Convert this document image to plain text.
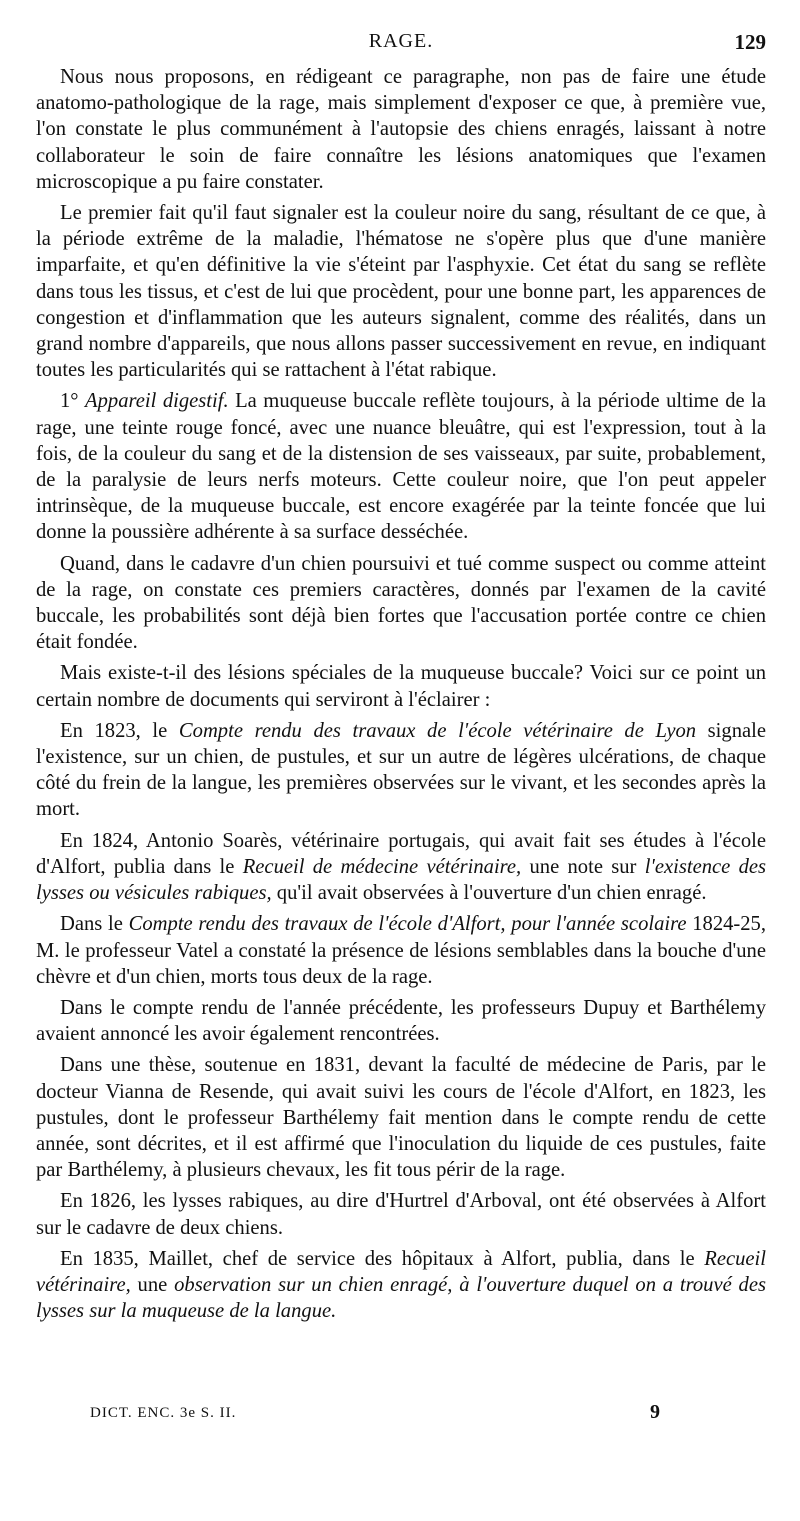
RAGE.	129

Nous nous proposons, en rédigeant ce paragraphe, non pas de faire une étude anatomo-pathologique de la rage, mais simplement d'exposer ce que, à première vue, l'on constate le plus communément à l'autopsie des chiens enragés, laissant à notre collaborateur le soin de faire connaître les lésions anatomiques que l'examen microscopique a pu faire constater.

Le premier fait qu'il faut signaler est la couleur noire du sang, résultant de ce que, à la période extrême de la maladie, l'hématose ne s'opère plus que d'une manière imparfaite, et qu'en définitive la vie s'éteint par l'asphyxie. Cet état du sang se reflète dans tous les tissus, et c'est de lui que procèdent, pour une bonne part, les apparences de congestion et d'inflammation que les auteurs signalent, comme des réalités, dans un grand nombre d'appareils, que nous allons passer successivement en revue, en indiquant toutes les particularités qui se rattachent à l'état rabique.

1° Appareil digestif. La muqueuse buccale reflète toujours, à la période ultime de la rage, une teinte rouge foncé, avec une nuance bleuâtre, qui est l'expression, tout à la fois, de la couleur du sang et de la distension de ses vaisseaux, par suite, probablement, de la paralysie de leurs nerfs moteurs. Cette couleur noire, que l'on peut appeler intrinsèque, de la muqueuse buccale, est encore exagérée par la teinte foncée que lui donne la poussière adhérente à sa surface desséchée.

Quand, dans le cadavre d'un chien poursuivi et tué comme suspect ou comme atteint de la rage, on constate ces premiers caractères, donnés par l'examen de la cavité buccale, les probabilités sont déjà bien fortes que l'accusation portée contre ce chien était fondée.

Mais existe-t-il des lésions spéciales de la muqueuse buccale? Voici sur ce point un certain nombre de documents qui serviront à l'éclairer :

En 1823, le Compte rendu des travaux de l'école vétérinaire de Lyon signale l'existence, sur un chien, de pustules, et sur un autre de légères ulcérations, de chaque côté du frein de la langue, les premières observées sur le vivant, et les secondes après la mort.

En 1824, Antonio Soarès, vétérinaire portugais, qui avait fait ses études à l'école d'Alfort, publia dans le Recueil de médecine vétérinaire, une note sur l'existence des lysses ou vésicules rabiques, qu'il avait observées à l'ouverture d'un chien enragé.

Dans le Compte rendu des travaux de l'école d'Alfort, pour l'année scolaire 1824-25, M. le professeur Vatel a constaté la présence de lésions semblables dans la bouche d'une chèvre et d'un chien, morts tous deux de la rage.

Dans le compte rendu de l'année précédente, les professeurs Dupuy et Barthélemy avaient annoncé les avoir également rencontrées.

Dans une thèse, soutenue en 1831, devant la faculté de médecine de Paris, par le docteur Vianna de Resende, qui avait suivi les cours de l'école d'Alfort, en 1823, les pustules, dont le professeur Barthélemy fait mention dans le compte rendu de cette année, sont décrites, et il est affirmé que l'inoculation du liquide de ces pustules, faite par Barthélemy, à plusieurs chevaux, les fit tous périr de la rage.

En 1826, les lysses rabiques, au dire d'Hurtrel d'Arboval, ont été observées à Alfort sur le cadavre de deux chiens.

En 1835, Maillet, chef de service des hôpitaux à Alfort, publia, dans le Recueil vétérinaire, une observation sur un chien enragé, à l'ouverture duquel on a trouvé des lysses sur la muqueuse de la langue.

DICT. ENC. 3e S. II.	9
